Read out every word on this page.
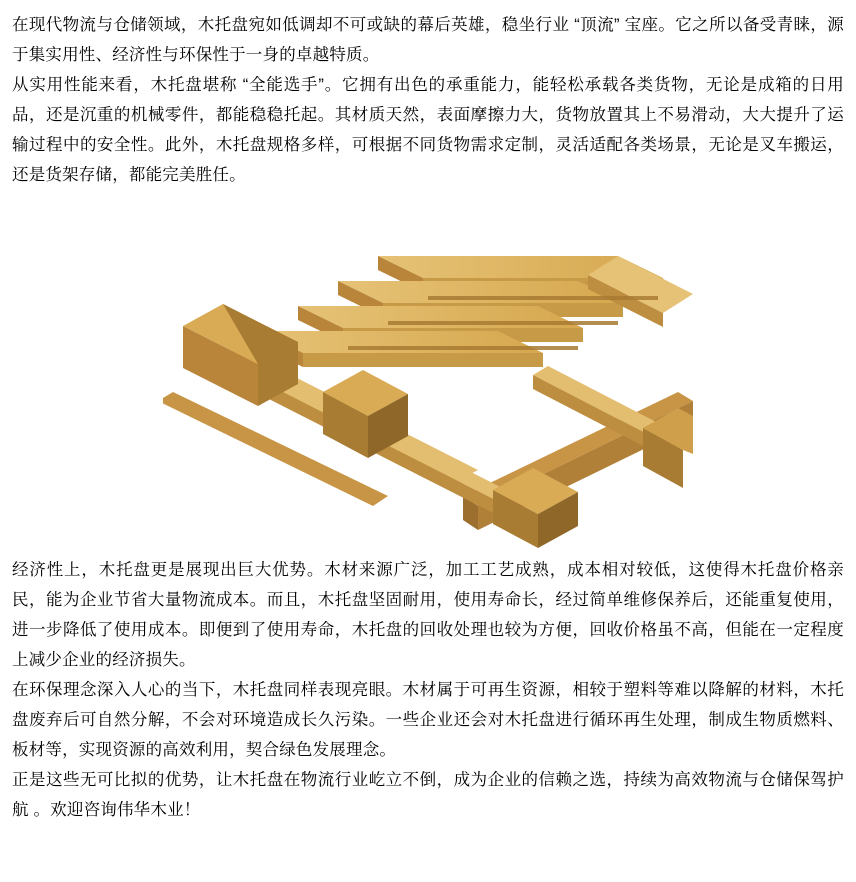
在现代物流与仓储领域，木托盘宛如低调却不可或缺的幕后英雄，稳坐行业 “顶流” 宝座。它之所以备受青睐，源于集实用性、经济性与环保性于一身的卓越特质。

从实用性能来看，木托盘堪称 “全能选手”。它拥有出色的承重能力，能轻松承载各类货物，无论是成箱的日用品，还是沉重的机械零件，都能稳稳托起。其材质天然，表面摩擦力大，货物放置其上不易滑动，大大提升了运输过程中的安全性。此外，木托盘规格多样，可根据不同货物需求定制，灵活适配各类场景，无论是叉车搬运，还是货架存储，都能完美胜任。

经济性上，木托盘更是展现出巨大优势。木材来源广泛，加工工艺成熟，成本相对较低，这使得木托盘价格亲民，能为企业节省大量物流成本。而且，木托盘坚固耐用，使用寿命长，经过简单维修保养后，还能重复使用，进一步降低了使用成本。即便到了使用寿命，木托盘的回收处理也较为方便，回收价格虽不高，但能在一定程度上减少企业的经济损失。

在环保理念深入人心的当下，木托盘同样表现亮眼。木材属于可再生资源，相较于塑料等难以降解的材料，木托盘废弃后可自然分解，不会对环境造成长久污染。一些企业还会对木托盘进行循环再生处理，制成生物质燃料、板材等，实现资源的高效利用，契合绿色发展理念。

正是这些无可比拟的优势，让木托盘在物流行业屹立不倒，成为企业的信赖之选，持续为高效物流与仓储保驾护航 。欢迎咨询伟华木业！
